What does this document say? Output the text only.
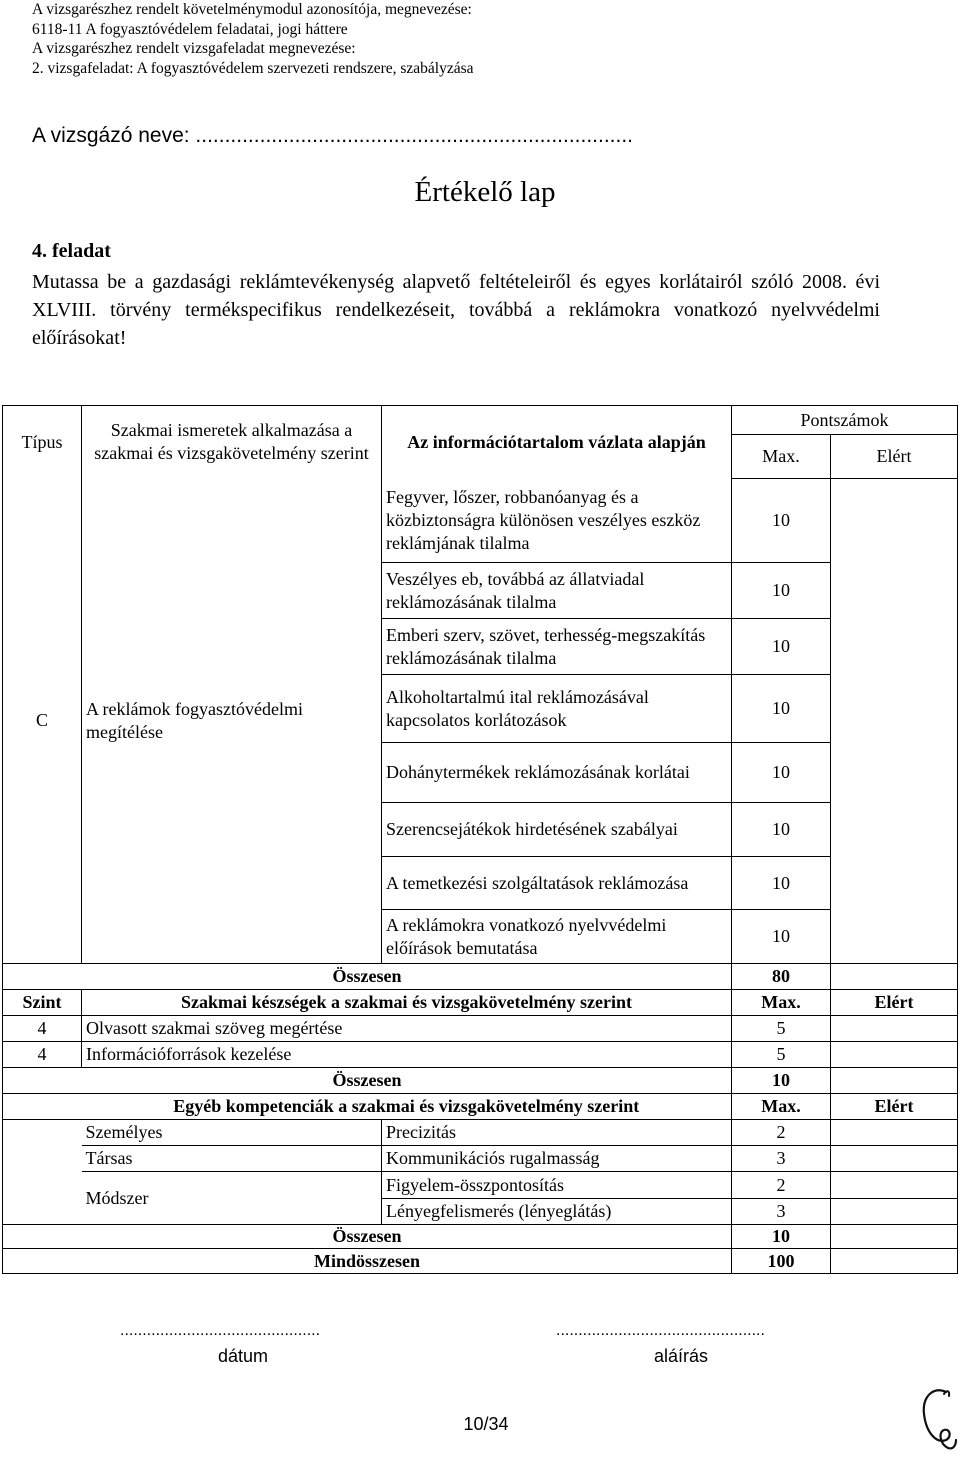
A vizsgarészhez rendelt követelménymodul azonosítója, megnevezése:
6118-11 A fogyasztóvédelem feladatai, jogi háttere
A vizsgarészhez rendelt vizsgafeladat megnevezése:
2. vizsgafeladat: A fogyasztóvédelem szervezeti rendszere, szabályzása
A vizsgázó neve: ...........................................................................
Értékelő lap
4. feladat
Mutassa be a gazdasági reklámtevékenység alapvető feltételeiről és egyes korlátairól szóló 2008. évi XLVIII. törvény termékspecifikus rendelkezéseit, továbbá a reklámokra vonatkozó nyelvvédelmi előírásokat!
Típus	Szakmai ismeretek alkalmazása a szakmai és vizsgakövetelmény szerint	Az információtartalom vázlata alapján	Pontszámok	
			Max.	Elért
C	A reklámok fogyasztóvédelmi megítélése	Fegyver, lőszer, robbanóanyag és a közbiztonságra különösen veszélyes eszköz reklámjának tilalma	10	
		Veszélyes eb, továbbá az állatviadal reklámozásának tilalma	10	
		Emberi szerv, szövet, terhesség-megszakítás reklámozásának tilalma	10	
		Alkoholtartalmú ital reklámozásával kapcsolatos korlátozások	10	
		Dohánytermékek reklámozásának korlátai	10	
		Szerencsejátékok hirdetésének szabályai	10	
		A temetkezési szolgáltatások reklámozása	10	
		A reklámokra vonatkozó nyelvvédelmi előírások bemutatása	10	
Összesen			80	
Szint	Szakmai készségek a szakmai és vizsgakövetelmény szerint		Max.	Elért
4	Olvasott szakmai szöveg megértése		5	
4	Információforrások kezelése		5	
Összesen			10	
	Egyéb kompetenciák a szakmai és vizsgakövetelmény szerint		Max.	Elért
	Személyes	Precizitás	2	
	Társas	Kommunikációs rugalmasság	3	
	Módszer	Figyelem-összpontosítás	2	
		Lényegfelismerés (lényeglátás)	3	
Összesen			10	
Mindösszesen			100	
.............................................
dátum
...............................................
aláírás
10/34
